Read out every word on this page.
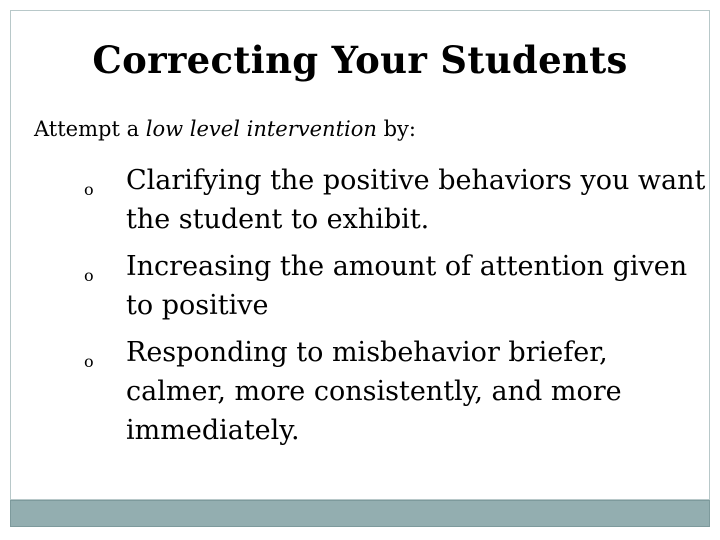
Correcting Your Students
Attempt a low level intervention by:
o Clarifying the positive behaviors you want the student to exhibit.
o Increasing the amount of attention given to positive
o Responding to misbehavior briefer, calmer, more consistently, and more immediately.
